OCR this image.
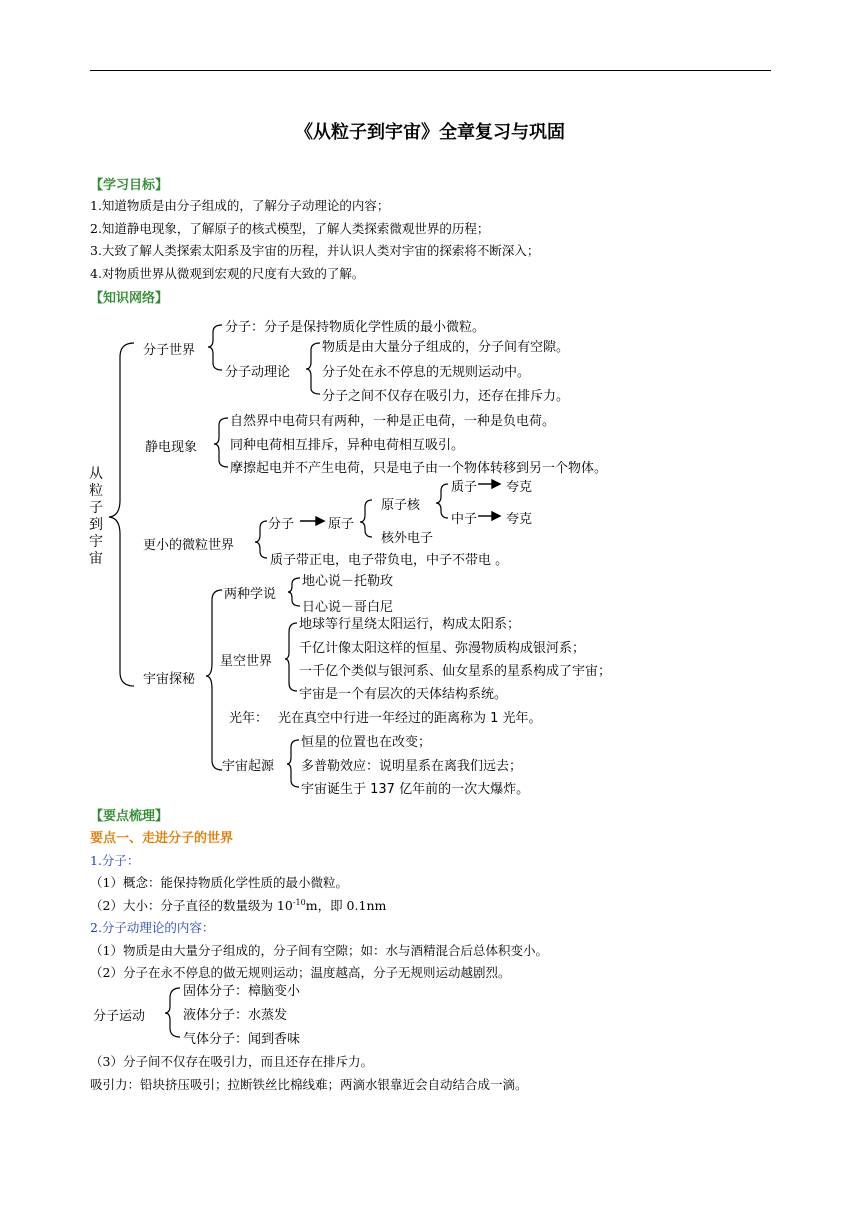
《从粒子到宇宙》全章复习与巩固
【学习目标】
1.知道物质是由分子组成的，了解分子动理论的内容；
2.知道静电现象，了解原子的核式模型，了解人类探索微观世界的历程；
3.大致了解人类探索太阳系及宇宙的历程，并认识人类对宇宙的探索将不断深入；
4.对物质世界从微观到宏观的尺度有大致的了解。
【知识网络】
从粒子到宇宙
分子世界
分子：分子是保持物质化学性质的最小微粒。
分子动理论
物质是由大量分子组成的，分子间有空隙。
分子处在永不停息的无规则运动中。
分子之间不仅存在吸引力，还存在排斥力。
静电现象
自然界中电荷只有两种，一种是正电荷，一种是负电荷。
同种电荷相互排斥，异种电荷相互吸引。
摩擦起电并不产生电荷，只是电子由一个物体转移到另一个物体。
更小的微粒世界
分子	原子
原子核
质子 夸克
中子 夸克
核外电子
质子带正电，电子带负电，中子不带电 。
宇宙探秘
两种学说
地心说－托勒玫
日心说－哥白尼
星空世界
地球等行星绕太阳运行，构成太阳系；
千亿计像太阳这样的恒星、弥漫物质构成银河系；
一千亿个类似与银河系、仙女星系的星系构成了宇宙；
宇宙是一个有层次的天体结构系统。
光年： 光在真空中行进一年经过的距离称为 1 光年。
宇宙起源
恒星的位置也在改变；
多普勒效应：说明星系在离我们远去；
宇宙诞生于 137 亿年前的一次大爆炸。
【要点梳理】
要点一、走进分子的世界
1.分子：
（1）概念：能保持物质化学性质的最小微粒。
（2）大小：分子直径的数量级为 $10^{-10}m$，即 0.1nm
2.分子动理论的内容：
（1）物质是由大量分子组成的，分子间有空隙；如：水与酒精混合后总体积变小。
（2）分子在永不停息的做无规则运动；温度越高，分子无规则运动越剧烈。
分子运动
固体分子：樟脑变小
液体分子：水蒸发
气体分子：闻到香味
（3）分子间不仅存在吸引力，而且还存在排斥力。
吸引力：铅块挤压吸引；拉断铁丝比棉线难；两滴水银靠近会自动结合成一滴。
